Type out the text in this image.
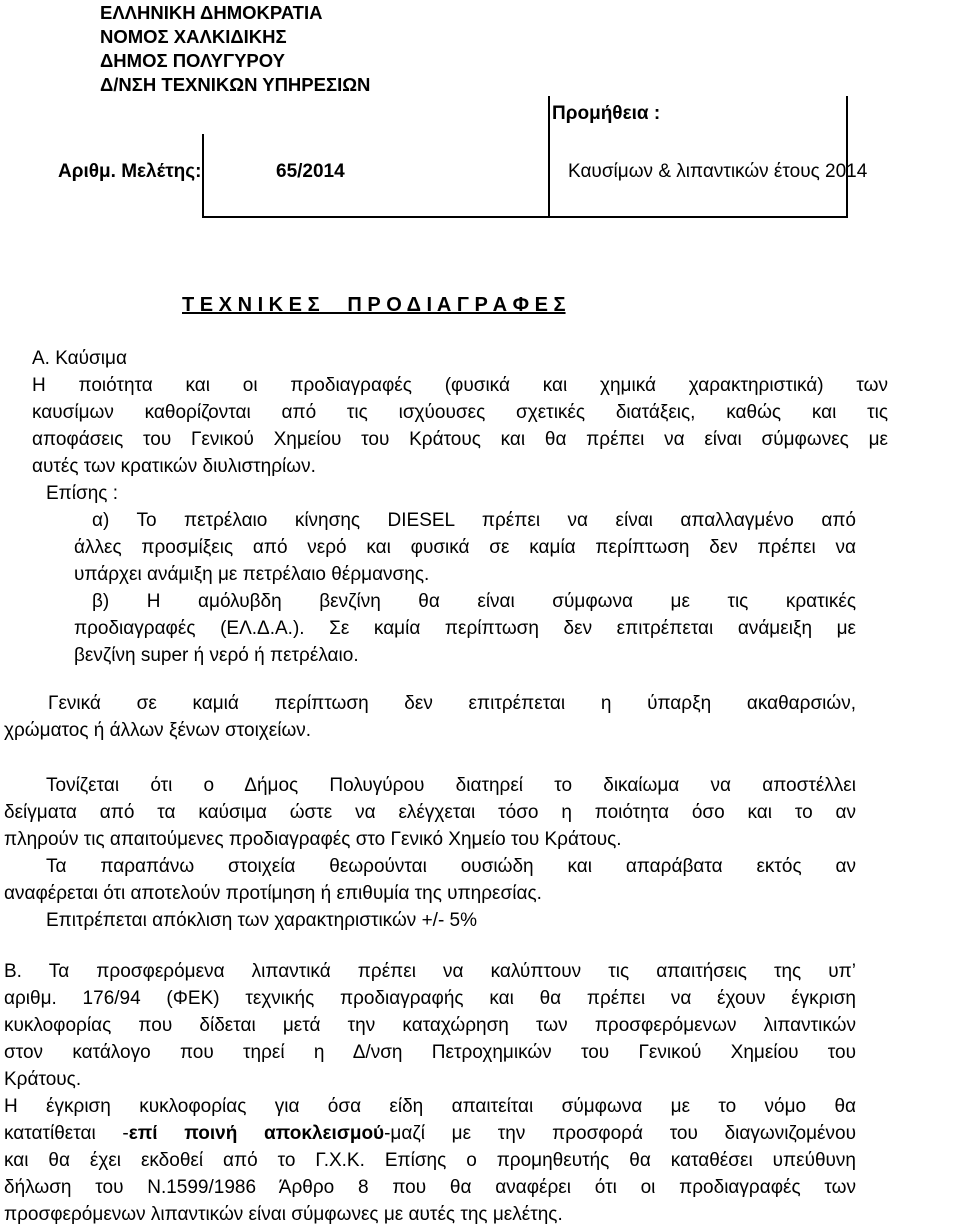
ΕΛΛΗΝΙΚΗ ΔΗΜΟΚΡΑΤΙΑ
ΝΟΜΟΣ ΧΑΛΚΙΔΙΚΗΣ
ΔΗΜΟΣ ΠΟΛΥΓΥΡΟΥ
Δ/ΝΣΗ ΤΕΧΝΙΚΩΝ ΥΠΗΡΕΣΙΩΝ
Προμήθεια :
Καυσίμων & λιπαντικών έτους 2014
Αριθμ. Μελέτης:	65/2014
Τ Ε Χ Ν Ι Κ Ε Σ     Π Ρ Ο Δ Ι Α Γ Ρ Α Φ Ε Σ
Α. Καύσιμα
Η ποιότητα και οι προδιαγραφές (φυσικά και χημικά χαρακτηριστικά) των
καυσίμων καθορίζονται από τις ισχύουσες σχετικές διατάξεις, καθώς και τις
αποφάσεις του Γενικού Χημείου του Κράτους και θα πρέπει να είναι σύμφωνες με
αυτές των κρατικών διυλιστηρίων.
Επίσης :
α) Το πετρέλαιο κίνησης DIESEL πρέπει να είναι απαλλαγμένο από
άλλες προσμίξεις από νερό και φυσικά σε καμία περίπτωση δεν πρέπει να
υπάρχει ανάμιξη με πετρέλαιο θέρμανσης.
β) Η αμόλυβδη βενζίνη θα είναι σύμφωνα με τις κρατικές
προδιαγραφές (ΕΛ.Δ.Α.). Σε καμία περίπτωση δεν επιτρέπεται ανάμειξη με
βενζίνη super ή νερό ή πετρέλαιο.
Γενικά σε καμιά περίπτωση δεν επιτρέπεται η ύπαρξη ακαθαρσιών,
χρώματος ή άλλων ξένων στοιχείων.
Τονίζεται ότι ο Δήμος Πολυγύρου διατηρεί το δικαίωμα να αποστέλλει
δείγματα από τα καύσιμα ώστε να ελέγχεται τόσο η ποιότητα όσο και το αν
πληρούν τις απαιτούμενες προδιαγραφές στο Γενικό Χημείο του Κράτους.
Τα παραπάνω στοιχεία θεωρούνται ουσιώδη και απαράβατα εκτός αν
αναφέρεται ότι αποτελούν προτίμηση ή επιθυμία της υπηρεσίας.
Επιτρέπεται απόκλιση των χαρακτηριστικών +/- 5%
Β. Τα προσφερόμενα λιπαντικά πρέπει να καλύπτουν τις απαιτήσεις της υπ’
αριθμ. 176/94 (ΦΕΚ) τεχνικής προδιαγραφής και θα πρέπει να έχουν έγκριση
κυκλοφορίας που δίδεται μετά την καταχώρηση των προσφερόμενων λιπαντικών
στον κατάλογο που τηρεί η Δ/νση Πετροχημικών του Γενικού Χημείου του
Κράτους.
Η έγκριση κυκλοφορίας για όσα είδη απαιτείται σύμφωνα με το νόμο θα
κατατίθεται -επί ποινή αποκλεισμού-μαζί με την προσφορά του διαγωνιζομένου
και θα έχει εκδοθεί από το Γ.Χ.Κ. Επίσης ο προμηθευτής θα καταθέσει υπεύθυνη
δήλωση του Ν.1599/1986 Άρθρο 8 που θα αναφέρει ότι οι προδιαγραφές των
προσφερόμενων λιπαντικών είναι σύμφωνες με αυτές της μελέτης.
